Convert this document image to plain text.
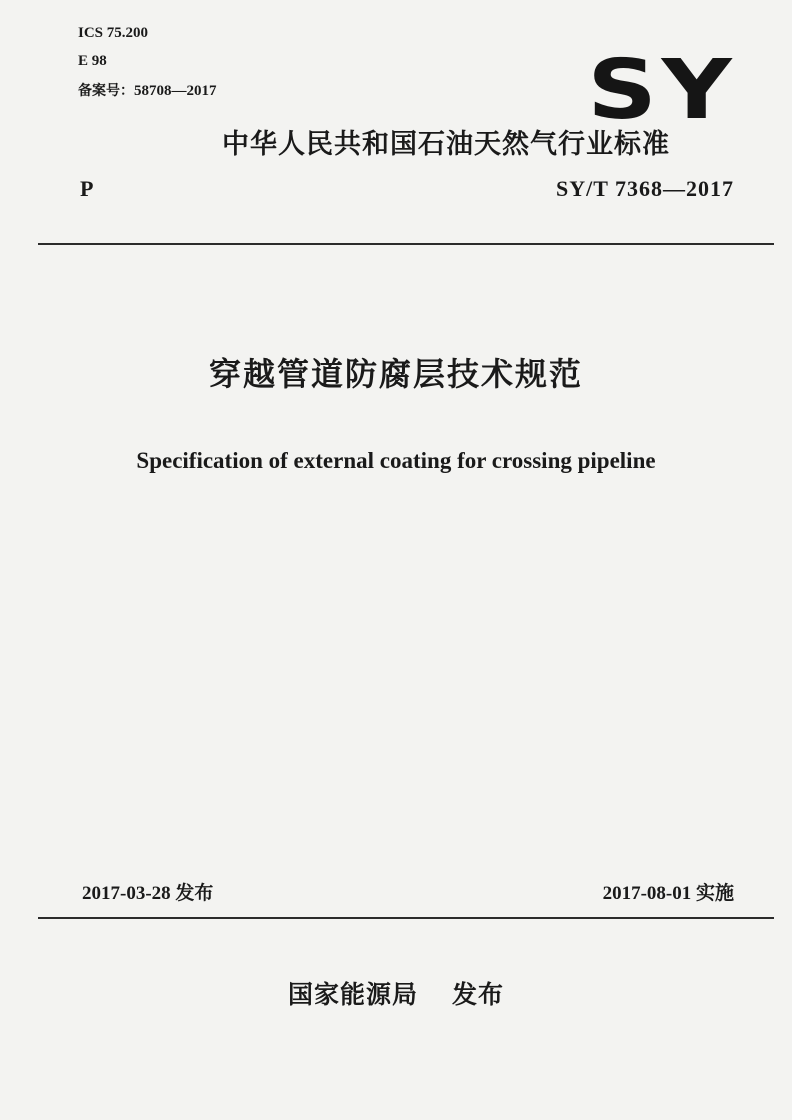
ICS 75.200
E 98
备案号：58708—2017	SY
中华人民共和国石油天然气行业标准
P	SY/T 7368—2017
穿越管道防腐层技术规范
Specification of external coating for crossing pipeline
2017-03-28 发布	2017-08-01 实施
国家能源局 发布
